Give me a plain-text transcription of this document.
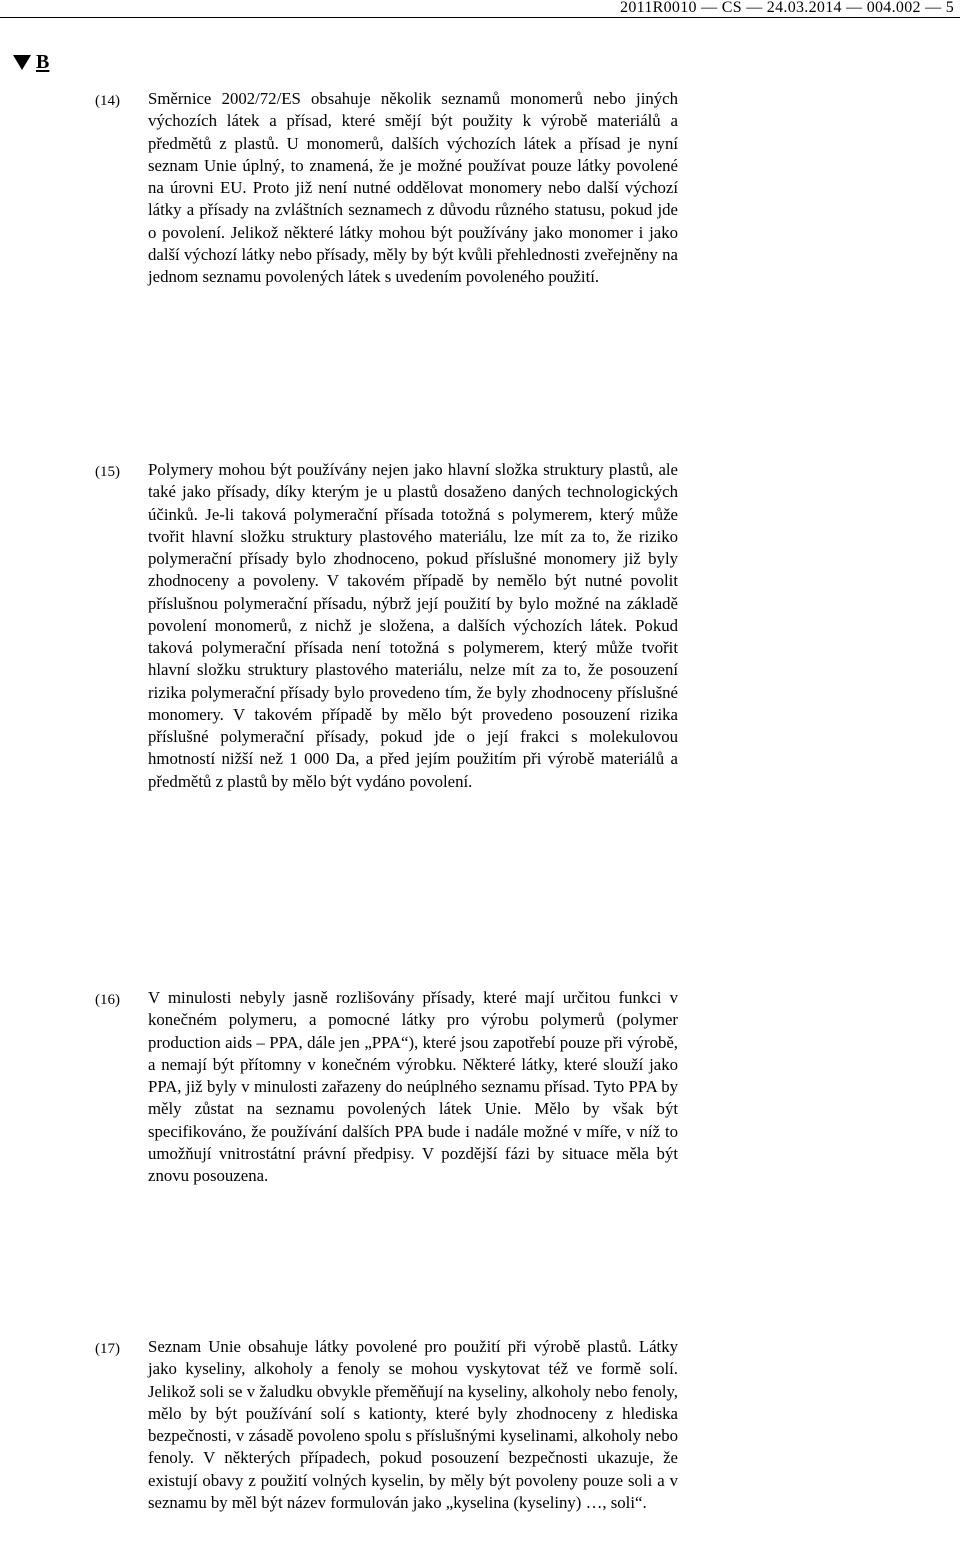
2011R0010 — CS — 24.03.2014 — 004.002 — 5
B
(14) Směrnice 2002/72/ES obsahuje několik seznamů monomerů nebo jiných výchozích látek a přísad, které smějí být použity k výrobě materiálů a předmětů z plastů. U monomerů, dalších výchozích látek a přísad je nyní seznam Unie úplný, to znamená, že je možné používat pouze látky povolené na úrovni EU. Proto již není nutné oddělovat monomery nebo další výchozí látky a přísady na zvláštních seznamech z důvodu různého statusu, pokud jde o povolení. Jelikož některé látky mohou být používány jako monomer i jako další výchozí látky nebo přísady, měly by být kvůli přehlednosti zveřejněny na jednom seznamu povolených látek s uvedením povoleného použití.
(15) Polymery mohou být používány nejen jako hlavní složka struktury plastů, ale také jako přísady, díky kterým je u plastů dosaženo daných technologických účinků. Je-li taková polymerační přísada totožná s polymerem, který může tvořit hlavní složku struktury plastového materiálu, lze mít za to, že riziko polymerační přísady bylo zhodnoceno, pokud příslušné monomery již byly zhodnoceny a povoleny. V takovém případě by nemělo být nutné povolit příslušnou polymerační přísadu, nýbrž její použití by bylo možné na základě povolení monomerů, z nichž je složena, a dalších výchozích látek. Pokud taková polymerační přísada není totožná s polymerem, který může tvořit hlavní složku struktury plastového materiálu, nelze mít za to, že posouzení rizika polymerační přísady bylo provedeno tím, že byly zhodnoceny příslušné monomery. V takovém případě by mělo být provedeno posouzení rizika příslušné polymerační přísady, pokud jde o její frakci s molekulovou hmotností nižší než 1 000 Da, a před jejím použitím při výrobě materiálů a předmětů z plastů by mělo být vydáno povolení.
(16) V minulosti nebyly jasně rozlišovány přísady, které mají určitou funkci v konečném polymeru, a pomocné látky pro výrobu polymerů (polymer production aids – PPA, dále jen „PPA“), které jsou zapotřebí pouze při výrobě, a nemají být přítomny v konečném výrobku. Některé látky, které slouží jako PPA, již byly v minulosti zařazeny do neúplného seznamu přísad. Tyto PPA by měly zůstat na seznamu povolených látek Unie. Mělo by však být specifikováno, že používání dalších PPA bude i nadále možné v míře, v níž to umožňují vnitrostátní právní předpisy. V pozdější fázi by situace měla být znovu posouzena.
(17) Seznam Unie obsahuje látky povolené pro použití při výrobě plastů. Látky jako kyseliny, alkoholy a fenoly se mohou vyskytovat též ve formě solí. Jelikož soli se v žaludku obvykle přeměňují na kyseliny, alkoholy nebo fenoly, mělo by být používání solí s kationty, které byly zhodnoceny z hlediska bezpečnosti, v zásadě povoleno spolu s příslušnými kyselinami, alkoholy nebo fenoly. V některých případech, pokud posouzení bezpečnosti ukazuje, že existují obavy z použití volných kyselin, by měly být povoleny pouze soli a v seznamu by měl být název formulován jako „kyselina (kyseliny) …, soli“.
